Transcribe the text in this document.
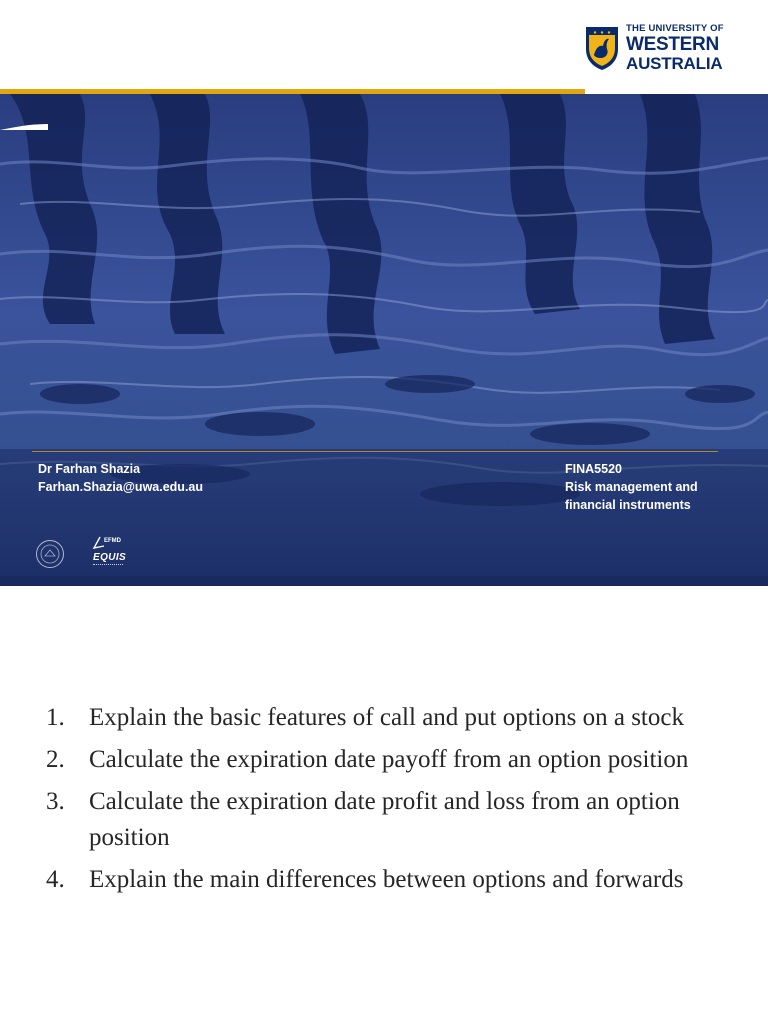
THE UNIVERSITY OF
WESTERN
AUSTRALIA
Dr Farhan Shazia
Farhan.Shazia@uwa.edu.au
FINA5520
Risk management and
financial instruments
EFMD
EQUIS
1. Explain the basic features of call and put options on a stock
2. Calculate the expiration date payoff from an option position
3. Calculate the expiration date profit and loss from an option position
4. Explain the main differences between options and forwards
